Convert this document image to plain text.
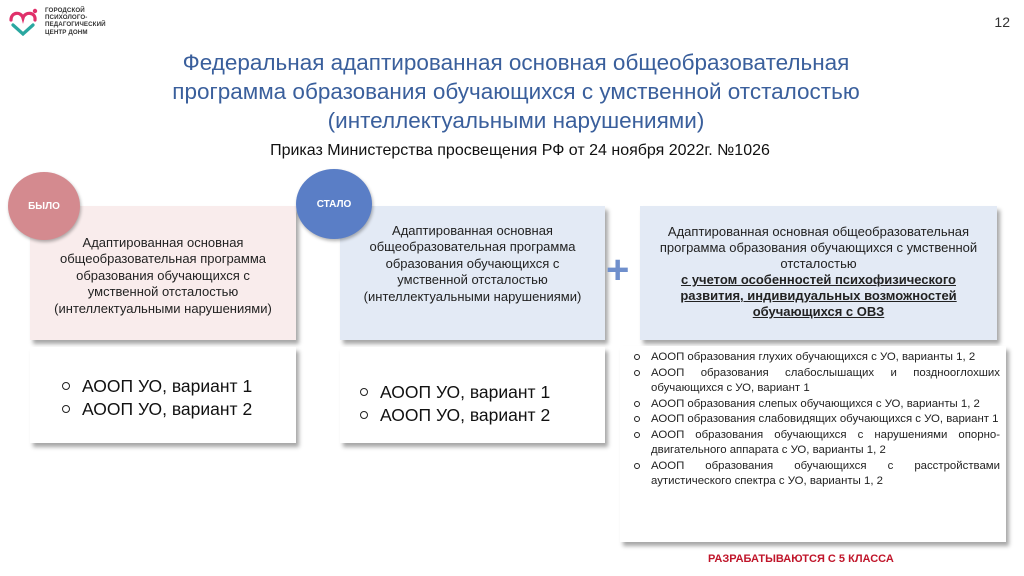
ГОРОДСКОЙ
ПСИХОЛОГО-
ПЕДАГОГИЧЕСКИЙ
ЦЕНТР ДОНМ
12
Федеральная адаптированная основная общеобразовательная
программа образования обучающихся с умственной отсталостью
(интеллектуальными нарушениями)
Приказ Министерства просвещения РФ от 24 ноября 2022г. №1026
Адаптированная основная общеобразовательная программа образования обучающихся с умственной отсталостью (интеллектуальными нарушениями)
БЫЛО
Адаптированная основная общеобразовательная программа образования обучающихся с умственной отсталостью (интеллектуальными нарушениями)
СТАЛО
+
Адаптированная основная общеобразовательная программа образования обучающихся с умственной отсталостью
с учетом особенностей психофизического развития, индивидуальных возможностей обучающихся с ОВЗ
АООП УО, вариант 1
АООП УО, вариант 2
АООП УО, вариант 1
АООП УО, вариант 2
АООП образования глухих обучающихся с УО, варианты 1, 2
АООП образования слабослышащих и позднооглохших обучающихся с УО, вариант 1
АООП образования слепых обучающихся с УО, варианты 1, 2
АООП образования слабовидящих обучающихся с УО, вариант 1
АООП образования обучающихся с нарушениями опорно-двигательного аппарата с УО, варианты 1, 2
АООП образования обучающихся с расстройствами аутистического спектра с УО, варианты 1, 2
РАЗРАБАТЫВАЮТСЯ С 5 КЛАССА
